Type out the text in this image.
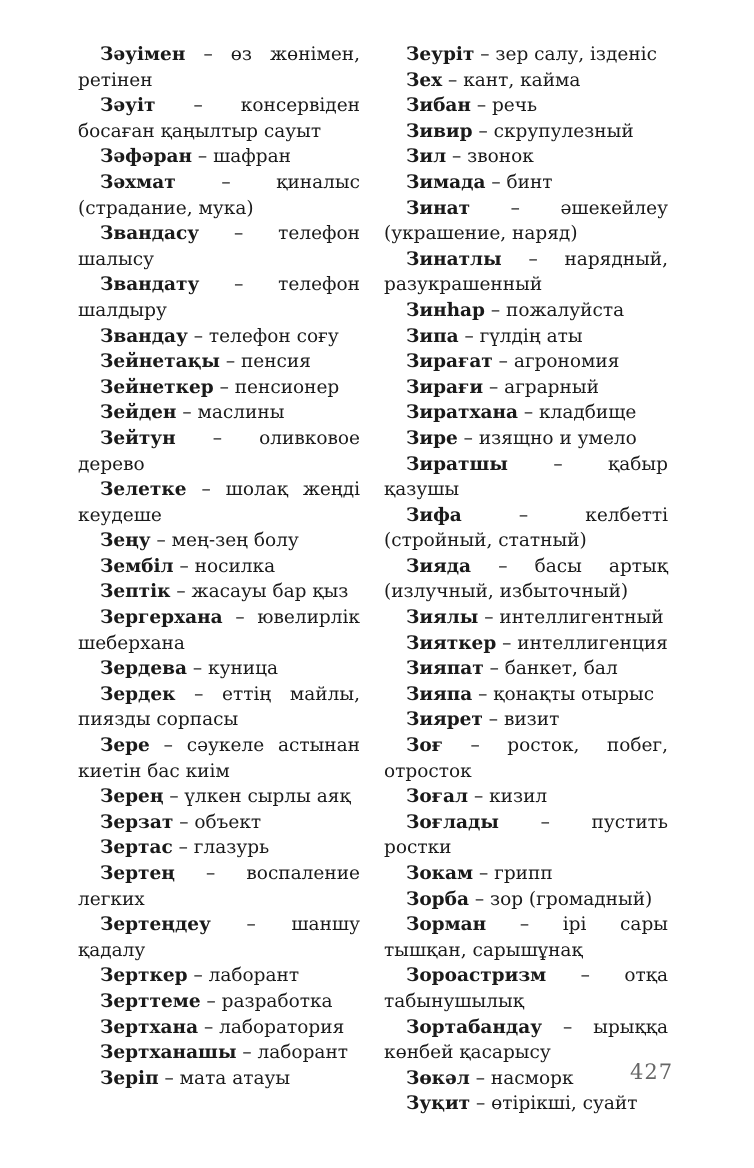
Зәуімен – өз жөнімен, ретінен

Зәуіт – консервіден босаған қаңылтыр сауыт

Зәфәран – шафран

Зәхмат – қиналыс (страдание, мука)

Звандасу – телефон шалысу

Звандату – телефон шалдыру

Звандау – телефон соғу

Зейнетақы – пенсия

Зейнеткер – пенсионер

Зейден – маслины

Зейтун – оливковое дерево

Зелетке – шолақ жеңді кеудеше

Зеңу – мең-зең болу

Зембіл – носилка

Зептік – жасауы бар қыз

Зергерхана – ювелирлік шеберхана

Зердева – куница

Зердек – еттің майлы, пиязды сорпасы

Зере – сәукеле астынан киетін бас киім

Зерең – үлкен сырлы аяқ

Зерзат – объект

Зертас – глазурь

Зертең – воспаление легких

Зертеңдеу – шаншу қадалу

Зерткер – лаборант

Зерттеме – разработка

Зертхана – лаборатория

Зертханашы – лаборант

Зеріп – мата атауы

Зеуріт – зер салу, ізденіс

Зех – кант, кайма

Зибан – речь

Зивир – скрупулезный

Зил – звонок

Зимада – бинт

Зинат – әшекейлеу (украшение, наряд)

Зинатлы – нарядный, разукрашенный

Зинһар – пожалуйста

Зипа – гүлдің аты

Зирағат – агрономия

Зирағи – аграрный

Зиратхана – кладбище

Зире – изящно и умело

Зиратшы – қабыр қазушы

Зифа	–	келбетті (стройный, статный)

Зияда – басы артық (излучный, избыточный)

Зиялы – интеллигентный

Зияткер – интеллигенция

Зияпат – банкет, бал

Зияпа – қонақты отырыс

Зиярет – визит

Зоғ – росток, побег, отросток

Зоғал – кизил

Зоғлады – пустить ростки

Зокам – грипп

Зорба – зор (громадный)

Зорман – ірі сары тышқан, сарышұнақ

Зороастризм – отқа табынушылық

Зортабандау – ырыққа көнбей қасарысу

Зөкәл – насморк

Зуқит – өтірікші, суайт

427
